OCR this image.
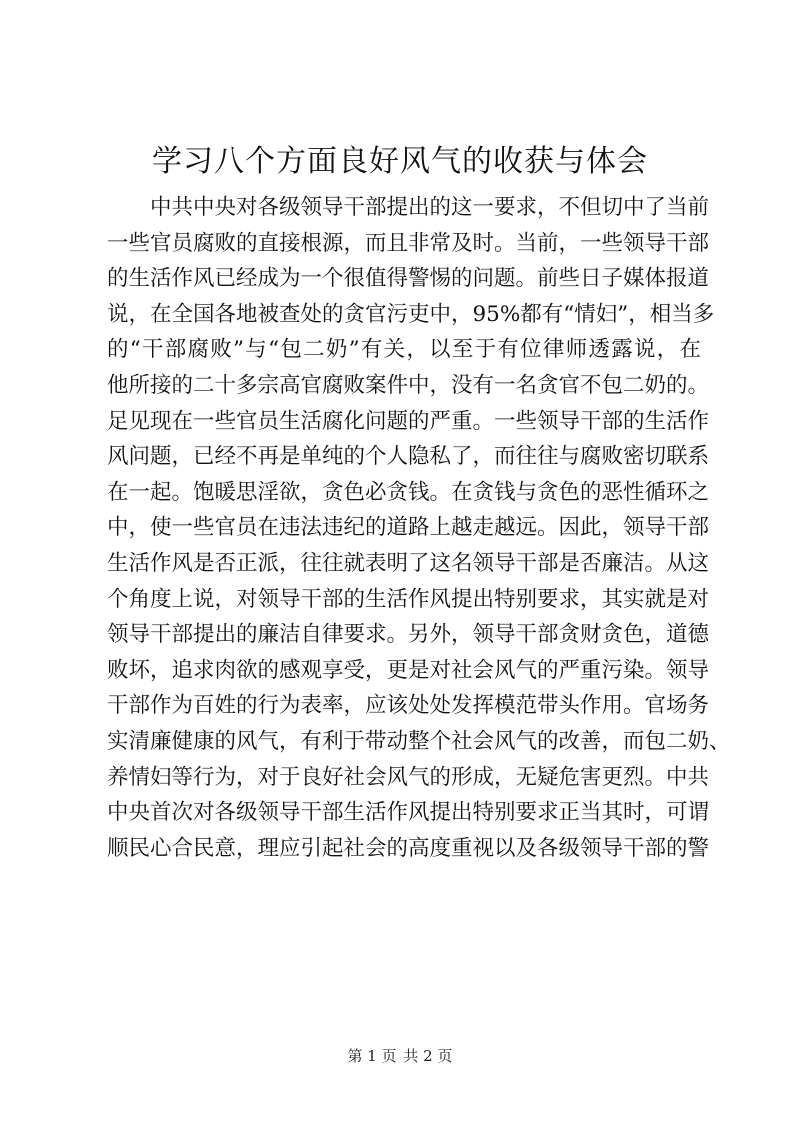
学习八个方面良好风气的收获与体会
中共中央对各级领导干部提出的这一要求，不但切中了当前
一些官员腐败的直接根源，而且非常及时。当前，一些领导干部
的生活作风已经成为一个很值得警惕的问题。前些日子媒体报道
说，在全国各地被查处的贪官污吏中，95%都有“情妇”，相当多
的“干部腐败”与“包二奶”有关，以至于有位律师透露说，在
他所接的二十多宗高官腐败案件中，没有一名贪官不包二奶的。
足见现在一些官员生活腐化问题的严重。一些领导干部的生活作
风问题，已经不再是单纯的个人隐私了，而往往与腐败密切联系
在一起。饱暖思淫欲，贪色必贪钱。在贪钱与贪色的恶性循环之
中，使一些官员在违法违纪的道路上越走越远。因此，领导干部
生活作风是否正派，往往就表明了这名领导干部是否廉洁。从这
个角度上说，对领导干部的生活作风提出特别要求，其实就是对
领导干部提出的廉洁自律要求。另外，领导干部贪财贪色，道德
败坏，追求肉欲的感观享受，更是对社会风气的严重污染。领导
干部作为百姓的行为表率，应该处处发挥模范带头作用。官场务
实清廉健康的风气，有利于带动整个社会风气的改善，而包二奶、
养情妇等行为，对于良好社会风气的形成，无疑危害更烈。中共
中央首次对各级领导干部生活作风提出特别要求正当其时，可谓
顺民心合民意，理应引起社会的高度重视以及各级领导干部的警
第 1 页 共 2 页
